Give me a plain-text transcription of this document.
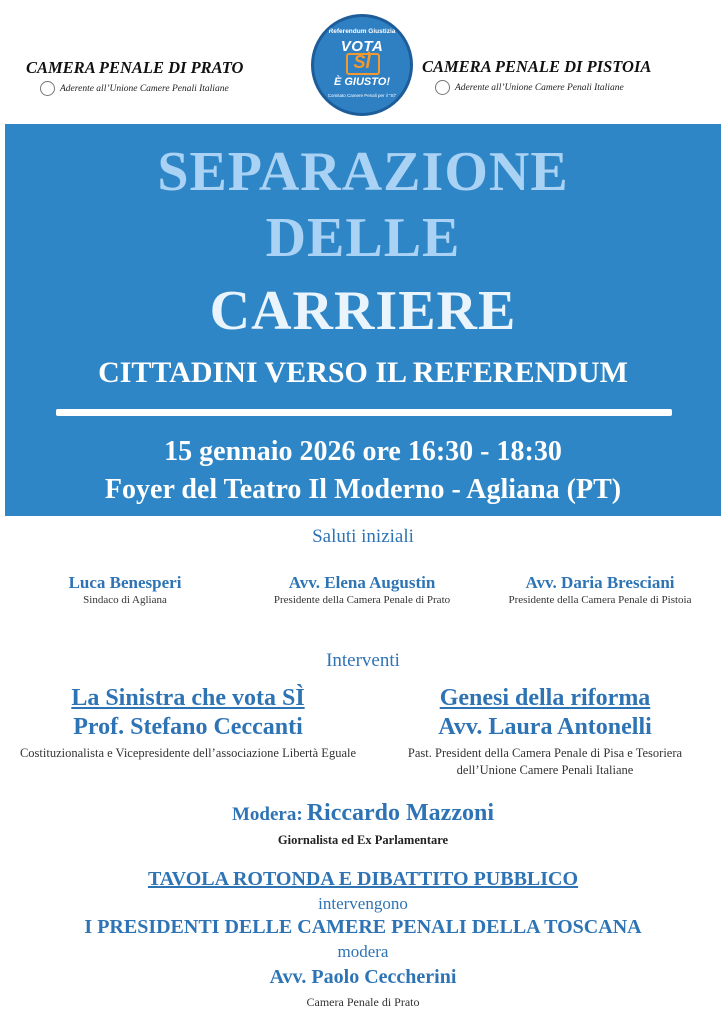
CAMERA PENALE DI PRATO
Aderente all’Unione Camere Penali Italiane
Referendum Giustizia
VOTA
SÌ
È GIUSTO!
Comitato Camere Penali per il “SÌ”
CAMERA PENALE DI PISTOIA
Aderente all’Unione Camere Penali Italiane
SEPARAZIONE
DELLE
CARRIERE
CITTADINI VERSO IL REFERENDUM
15 gennaio 2026 ore 16:30 - 18:30
Foyer del Teatro Il Moderno - Agliana (PT)
Saluti iniziali
Luca Benesperi
Sindaco di Agliana
Avv. Elena Augustin
Presidente della Camera Penale di Prato
Avv. Daria Bresciani
Presidente della Camera Penale di Pistoia
Interventi
La Sinistra che vota SÌ
Prof. Stefano Ceccanti
Costituzionalista e Vicepresidente dell’associazione Libertà Eguale
Genesi della riforma
Avv. Laura Antonelli
Past. President della Camera Penale di Pisa e Tesoriera dell’Unione Camere Penali Italiane
Modera: Riccardo Mazzoni
Giornalista ed Ex Parlamentare
TAVOLA ROTONDA E DIBATTITO PUBBLICO
intervengono
I PRESIDENTI DELLE CAMERE PENALI DELLA TOSCANA
modera
Avv. Paolo Ceccherini
Camera Penale di Prato
